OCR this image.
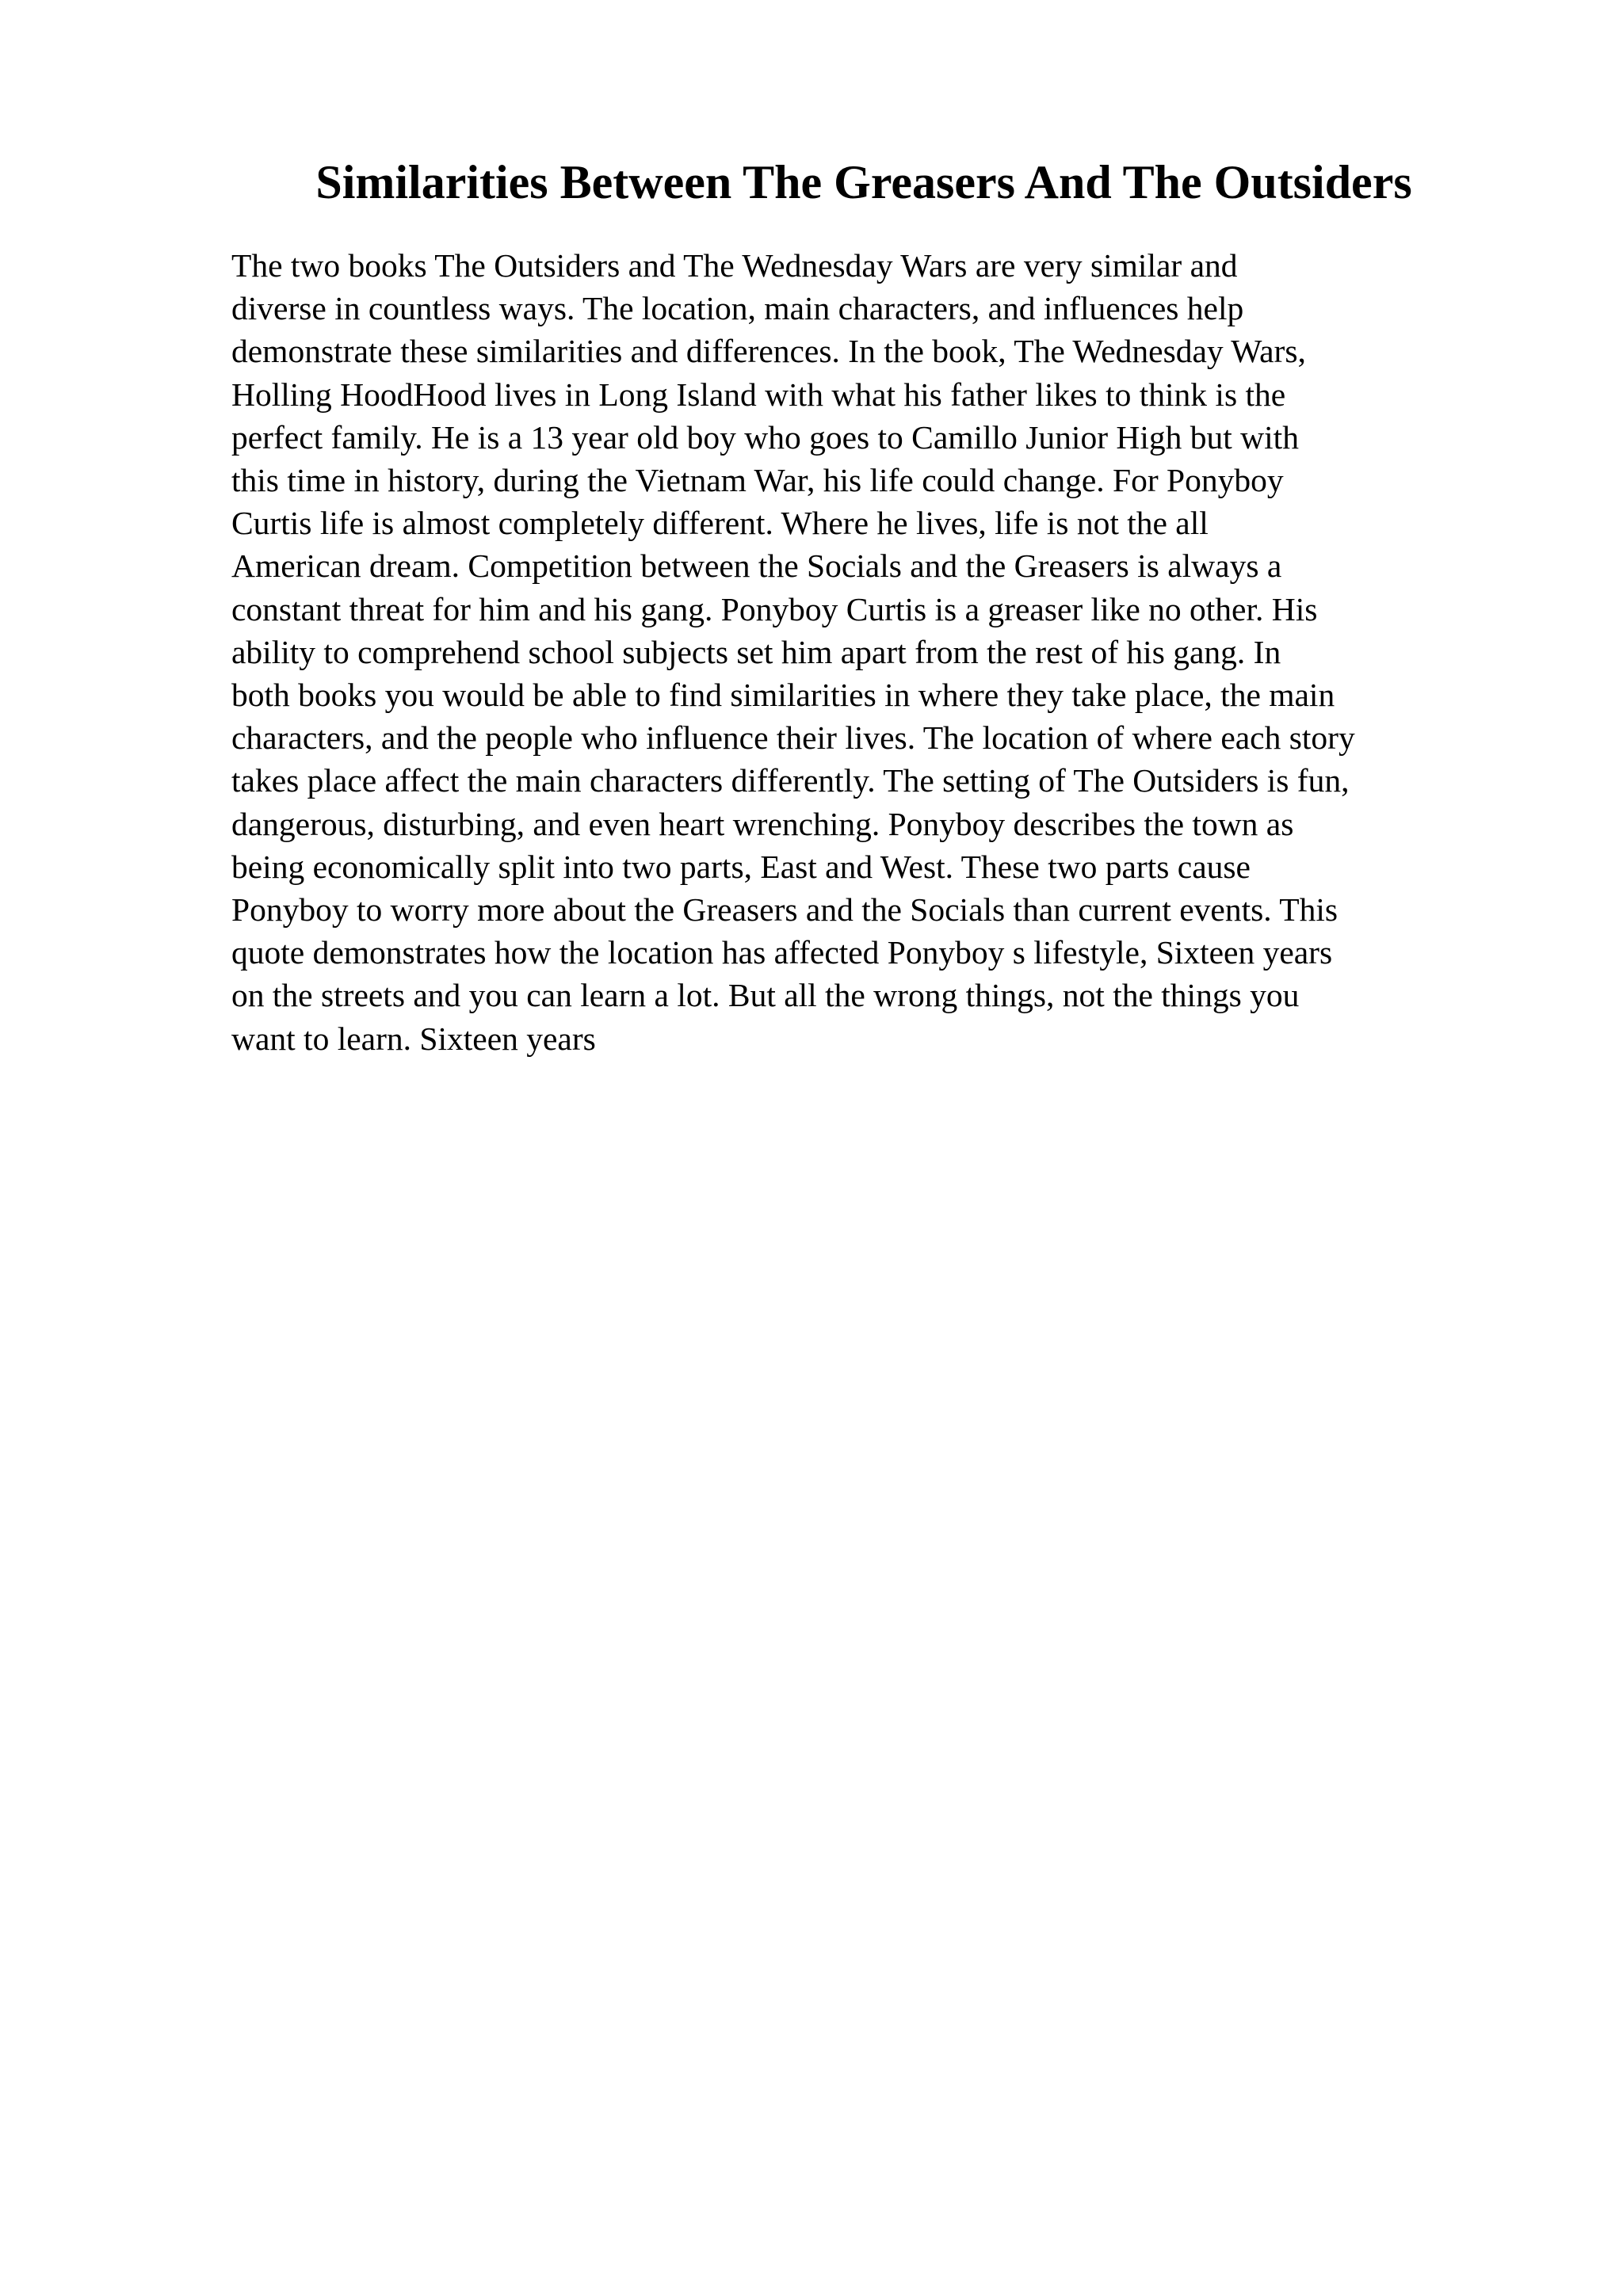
Similarities Between The Greasers And The Outsiders
The two books The Outsiders and The Wednesday Wars are very similar and
diverse in countless ways. The location, main characters, and influences help
demonstrate these similarities and differences. In the book, The Wednesday Wars,
Holling HoodHood lives in Long Island with what his father likes to think is the
perfect family. He is a 13 year old boy who goes to Camillo Junior High but with
this time in history, during the Vietnam War, his life could change. For Ponyboy
Curtis life is almost completely different. Where he lives, life is not the all
American dream. Competition between the Socials and the Greasers is always a
constant threat for him and his gang. Ponyboy Curtis is a greaser like no other. His
ability to comprehend school subjects set him apart from the rest of his gang. In
both books you would be able to find similarities in where they take place, the main
characters, and the people who influence their lives. The location of where each story
takes place affect the main characters differently. The setting of The Outsiders is fun,
dangerous, disturbing, and even heart wrenching. Ponyboy describes the town as
being economically split into two parts, East and West. These two parts cause
Ponyboy to worry more about the Greasers and the Socials than current events. This
quote demonstrates how the location has affected Ponyboy s lifestyle, Sixteen years
on the streets and you can learn a lot. But all the wrong things, not the things you
want to learn. Sixteen years
